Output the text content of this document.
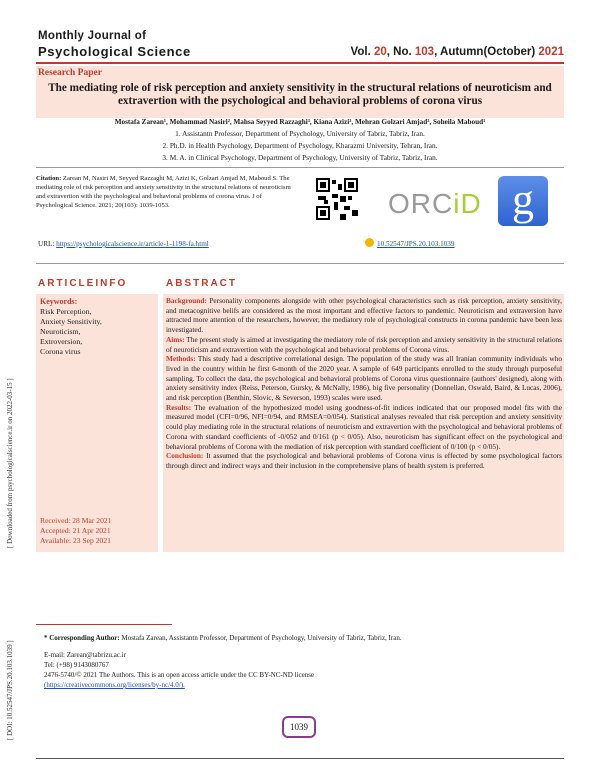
Monthly Journal of
Psychological Science	Vol. 20, No. 103, Autumn(October) 2021
Research Paper
The mediating role of risk perception and anxiety sensitivity in the structural relations of neuroticism and extravertion with the psychological and behavioral problems of corona virus
Mostafa Zarean¹, Mohammad Nasiri², Mahsa Seyyed Razzaghi³, Kiana Azizi³, Mehran Golzari Amjad³, Soheila Maboud¹
1. Assistantn Professor, Department of Psychology, University of Tabriz, Tabriz, Iran.
2. Ph.D. in Health Psychology, Department of Psychology, Kharazmi University, Tehran, Iran.
3. M. A. in Clinical Psychology, Department of Psychology, University of Tabriz, Tabriz, Iran.
Citation: Zarean M, Nasiri M, Seyyed Razzaghi M, Azizi K, Golzari Amjad M, Maboud S. The mediating role of risk perception and anxiety sensitivity in the structural relations of neuroticism and extravertion with the psychological and behavioral problems of corona virus. J of Psychological Science. 2021; 20(103): 1039-1053.
URL: https://psychologicalscience.ir/article-1-1198-fa.html
ORCiD g
10.52547/JPS.20.103.1039
ARTICLEINFO	ABSTRACT
Keywords:
Risk Perception,
Anxiety Sensitivity,
Neuroticism,
Extroversion,
Corona virus
Received: 28 Mar 2021
Accepted: 21 Apr 2021
Available: 23 Sep 2021

Background: Personality components alongside with other psychological characteristics such as risk perception, anxiety sensitivity, and metacognitive belifs are considered as the most important and effective factors to pandemic. Neuroticism and extraversion have attracted more attention of the researchers, however, the mediatory role of psychological constructs in corona pandemic have been less investigated.

Aims: The present study is aimed at investigating the mediatory role of risk perception and anxiety sensitivity in the structural relations of neuroticism and extravertion with the psychological and behavioral problems of Corona virus.

Methods: This study had a descriptive correlational design. The population of the study was all Iranian community individuals who lived in the country within he first 6-month of the 2020 year. A sample of 649 participants enrolled to the study through purposeful sampling. To collect the data, the psychological and behavioral problems of Corona virus questionnaire (authors' designed), along with anxiety sensitivity index (Reiss, Peterson, Gursky, & McNally, 1986), big five personality (Donnellan, Oswald, Baird, & Lucas, 2006), and risk perception (Benthin, Slovic, & Severson, 1993) scales were used.

Results: The evaluation of the hypothesized model using goodness-of-fit indices indicated that our proposed model fits with the measured model (CFI=0/96, NFI=0/94, and RMSEA=0/054). Statistical analyses revealed that risk perception and anxiety sensitivity could play mediating role in the structural relations of neuroticism and extravertion with the psychological and behavioral problems of Corona with standard coefficients of -0/052 and 0/161 (p < 0/05). Also, neuroticism has significant effect on the psychological and behavioral problems of Corona with the mediation of risk perception with standard coefficient of 0/100 (p < 0/05).

Conclusion: It assumed that the psychological and behavioral problems of Corona virus is effected by some psychological factors through direct and indirect ways and their inclusion in the comprehensive plans of health system is preferred.

* Corresponding Author: Mostafa Zarean, Assistantn Professor, Department of Psychology, University of Tabriz, Tabriz, Iran.
E-mail: Zarean@tabrizu.ac.ir
Tel: (+98) 9143080767
2476-5740/© 2021 The Authors. This is an open access article under the CC BY-NC-ND license
(https://creativecommons.org/licenses/by-nc/4.0/).
1039
[ Downloaded from psychologicalscience.ir on 2022-03-15 ]
[ DOI: 10.52547/JPS.20.103.1039 ]
